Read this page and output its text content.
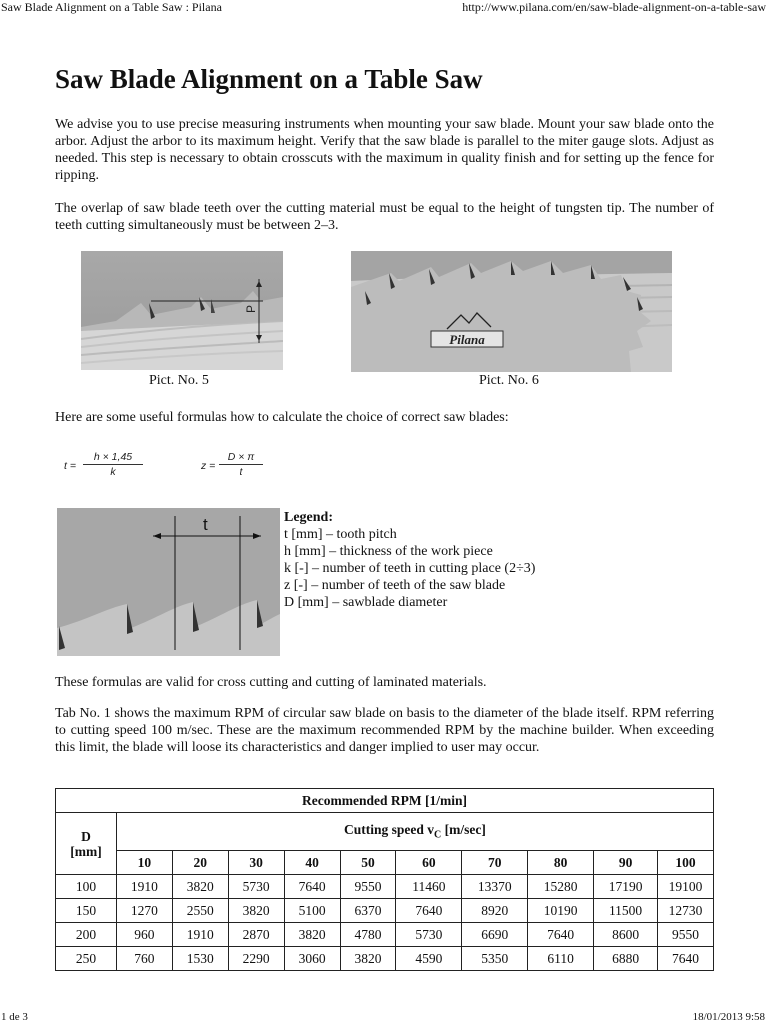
Saw Blade Alignment on a Table Saw : Pilana	http://www.pilana.com/en/saw-blade-alignment-on-a-table-saw
Saw Blade Alignment on a Table Saw

We advise you to use precise measuring instruments when mounting your saw blade. Mount your saw blade onto the arbor. Adjust the arbor to its maximum height. Verify that the saw blade is parallel to the miter gauge slots. Adjust as needed. This step is necessary to obtain crosscuts with the maximum in quality finish and for setting up the fence for ripping.

The overlap of saw blade teeth over the cutting material must be equal to the height of tungsten tip. The number of teeth cutting simultaneously must be between 2–3.

P
Pict. No. 5
Pilana
Pict. No. 6

Here are some useful formulas how to calculate the choice of correct saw blades:

$t = \frac{h \times 1,45}{k}$	$z = \frac{D \times \pi}{t}$
t	Legend:
t [mm] – tooth pitch
h [mm] – thickness of the work piece
k [-] – number of teeth in cutting place (2÷3)
z [-] – number of teeth of the saw blade
D [mm] – sawblade diameter

These formulas are valid for cross cutting and cutting of laminated materials.

Tab No. 1 shows the maximum RPM of circular saw blade on basis to the diameter of the blade itself. RPM referring to cutting speed 100 m/sec. These are the maximum recommended RPM by the machine builder. When exceeding this limit, the blade will loose its characteristics and danger implied to user may occur.

Recommended RPM [1/min]										
D
[mm]	Cutting speed $v_C$ [m/sec]									
	10	20	30	40	50	60	70	80	90	100
100	1910	3820	5730	7640	9550	11460	13370	15280	17190	19100
150	1270	2550	3820	5100	6370	7640	8920	10190	11500	12730
200	960	1910	2870	3820	4780	5730	6690	7640	8600	9550
250	760	1530	2290	3060	3820	4590	5350	6110	6880	7640
1 de 3	18/01/2013 9:58
